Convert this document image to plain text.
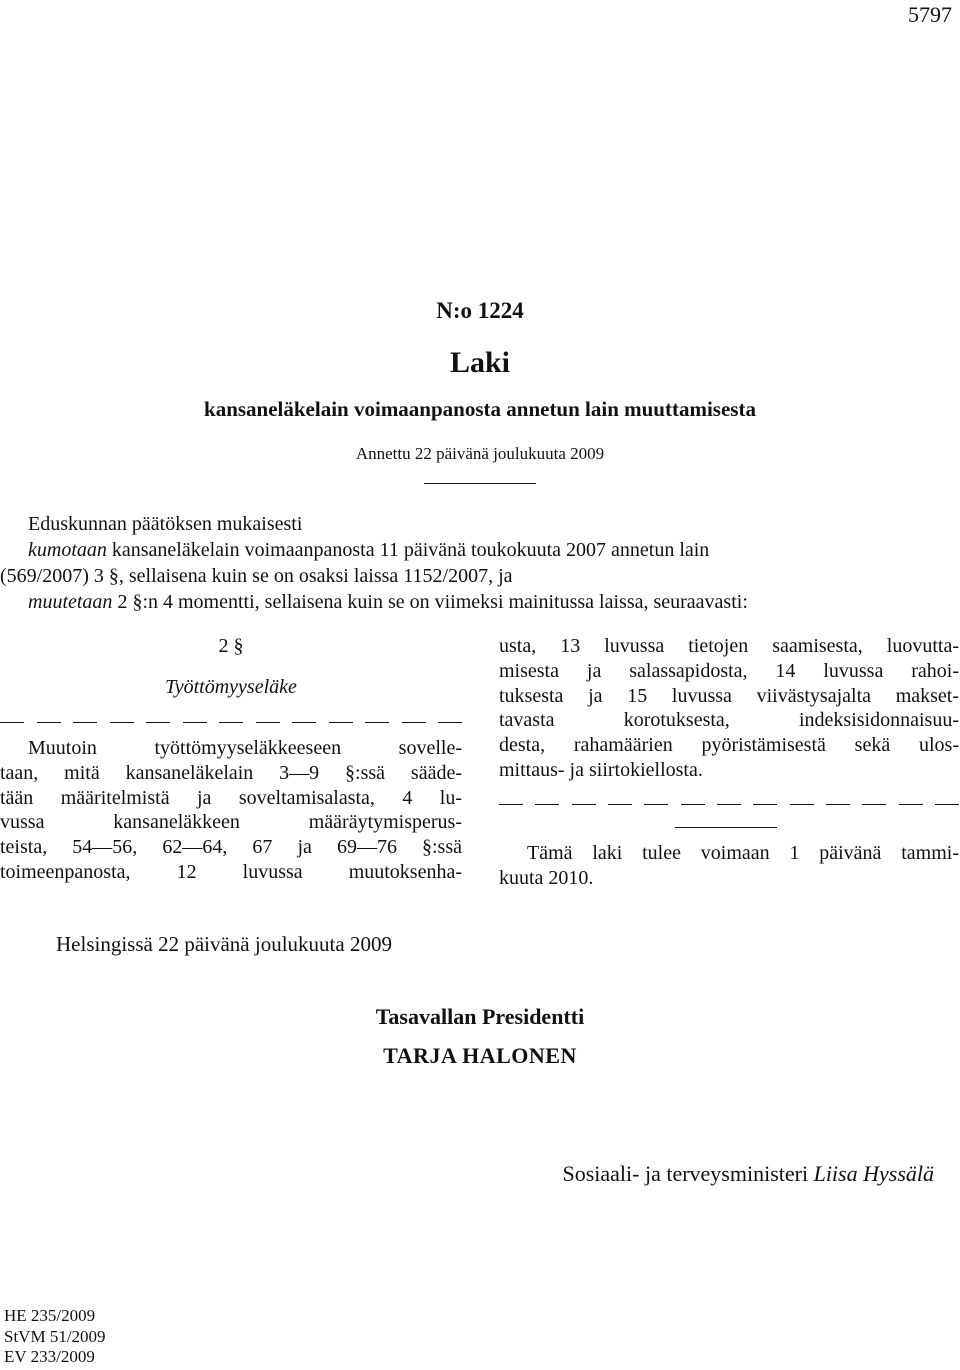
5797
N:o 1224
Laki
kansaneläkelain voimaanpanosta annetun lain muuttamisesta
Annettu 22 päivänä joulukuuta 2009
Eduskunnan päätöksen mukaisesti
kumotaan kansaneläkelain voimaanpanosta 11 päivänä toukokuuta 2007 annetun lain
(569/2007) 3 §, sellaisena kuin se on osaksi laissa 1152/2007, ja
muutetaan 2 §:n 4 momentti, sellaisena kuin se on viimeksi mainitussa laissa, seuraavasti:
2 §
Työttömyyseläke
Muutoin työttömyyseläkkeeseen sovelle-
taan, mitä kansaneläkelain 3—9 §:ssä sääde-
tään määritelmistä ja soveltamisalasta, 4 lu-
vussa kansaneläkkeen määräytymisperus-
teista, 54—56, 62—64, 67 ja 69—76 §:ssä
toimeenpanosta, 12 luvussa muutoksenha-
usta, 13 luvussa tietojen saamisesta, luovutta-
misesta ja salassapidosta, 14 luvussa rahoi-
tuksesta ja 15 luvussa viivästysajalta makset-
tavasta korotuksesta, indeksisidonnaisuu-
desta, rahamäärien pyöristämisestä sekä ulos-
mittaus- ja siirtokiellosta.
Tämä laki tulee voimaan 1 päivänä tammi-
kuuta 2010.
Helsingissä 22 päivänä joulukuuta 2009
Tasavallan Presidentti
TARJA HALONEN
Sosiaali- ja terveysministeri Liisa Hyssälä
HE 235/2009
StVM 51/2009
EV 233/2009
